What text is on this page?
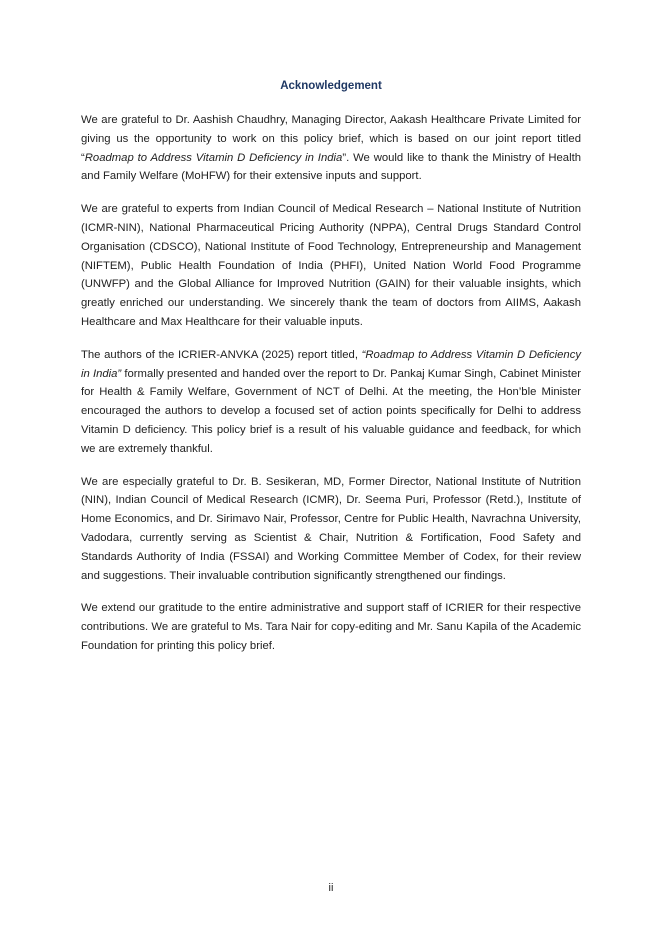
Acknowledgement

We are grateful to Dr. Aashish Chaudhry, Managing Director, Aakash Healthcare Private Limited for giving us the opportunity to work on this policy brief, which is based on our joint report titled “Roadmap to Address Vitamin D Deficiency in India”. We would like to thank the Ministry of Health and Family Welfare (MoHFW) for their extensive inputs and support.

We are grateful to experts from Indian Council of Medical Research – National Institute of Nutrition (ICMR-NIN), National Pharmaceutical Pricing Authority (NPPA), Central Drugs Standard Control Organisation (CDSCO), National Institute of Food Technology, Entrepreneurship and Management (NIFTEM), Public Health Foundation of India (PHFI), United Nation World Food Programme (UNWFP) and the Global Alliance for Improved Nutrition (GAIN) for their valuable insights, which greatly enriched our understanding. We sincerely thank the team of doctors from AIIMS, Aakash Healthcare and Max Healthcare for their valuable inputs.

The authors of the ICRIER-ANVKA (2025) report titled, “Roadmap to Address Vitamin D Deficiency in India” formally presented and handed over the report to Dr. Pankaj Kumar Singh, Cabinet Minister for Health & Family Welfare, Government of NCT of Delhi. At the meeting, the Hon’ble Minister encouraged the authors to develop a focused set of action points specifically for Delhi to address Vitamin D deficiency. This policy brief is a result of his valuable guidance and feedback, for which we are extremely thankful.

We are especially grateful to Dr. B. Sesikeran, MD, Former Director, National Institute of Nutrition (NIN), Indian Council of Medical Research (ICMR), Dr. Seema Puri, Professor (Retd.), Institute of Home Economics, and Dr. Sirimavo Nair, Professor, Centre for Public Health, Navrachna University, Vadodara, currently serving as Scientist & Chair, Nutrition & Fortification, Food Safety and Standards Authority of India (FSSAI) and Working Committee Member of Codex, for their review and suggestions. Their invaluable contribution significantly strengthened our findings.

We extend our gratitude to the entire administrative and support staff of ICRIER for their respective contributions. We are grateful to Ms. Tara Nair for copy-editing and Mr. Sanu Kapila of the Academic Foundation for printing this policy brief.

ii
